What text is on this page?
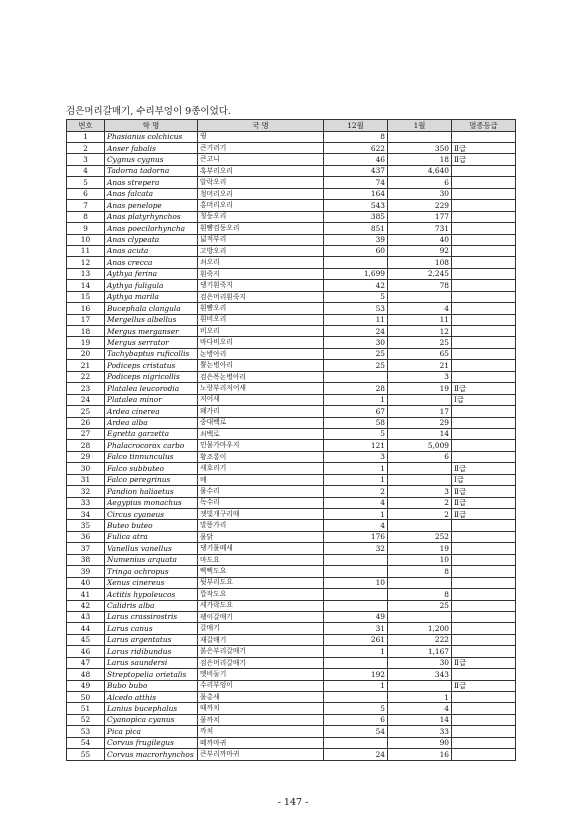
검은머리갈매기, 수리부엉이 9종이었다.
번호	학 명	국 명	12월	1월	멸종등급
1	Phasianus colchicus	꿩	8		
2	Anser fabalis	큰기러기	622	350	Ⅱ급
3	Cygnus cygnus	큰고니	46	18	Ⅱ급
4	Tadorna tadorna	혹부리오리	437	4,640	
5	Anas strepera	알락오리	74	6	
6	Anas falcata	청머리오리	164	30	
7	Anas penelope	홍머리오리	543	229	
8	Anas platyrhynchos	청둥오리	385	177	
9	Anas poecilorhyncha	흰뺨검둥오리	851	731	
10	Anas clypeata	넓적부리	39	40	
11	Anas acuta	고방오리	60	92	
12	Anas crecca	쇠오리		108	
13	Aythya ferina	흰죽지	1,699	2,245	
14	Aythya fuligula	댕기흰죽지	42	78	
15	Aythya marila	검은머리흰죽지	5		
16	Bucephala clangula	흰뺨오리	53	4	
17	Mergellus albellus	흰비오리	11	11	
18	Mergus merganser	비오리	24	12	
19	Mergus serrator	바다비오리	30	25	
20	Tachybaptus ruficollis	논병아리	25	65	
21	Podiceps cristatus	뿔논병아리	25	21	
22	Podiceps nigricollis	검은목논병아리		3	
23	Platalea leucorodia	노랑부리저어새	28	19	Ⅱ급
24	Platalea minor	저어새	1		Ⅰ급
25	Ardea cinerea	왜가리	67	17	
26	Ardea alba	중대백로	58	29	
27	Egretta garzetta	쇠백로	5	14	
28	Phalacrocorax carbo	민물가마우지	121	5,009	
29	Falco tinnunculus	황조롱이	3	6	
30	Falco subbuteo	새호리기	1		Ⅱ급
31	Falco peregrinus	매	1		Ⅰ급
32	Pandion haliaetus	물수리	2	3	Ⅱ급
33	Aegypius monachus	독수리	4	2	Ⅱ급
34	Circus cyaneus	잿빛개구리매	1	2	Ⅱ급
35	Buteo buteo	말똥가리	4		
36	Fulica atra	물닭	176	252	
37	Vanellus vanellus	댕기물떼새	32	19	
38	Numenius arquata	마도요		10	
39	Tringa ochropus	삑삑도요		8	
40	Xenus cinereus	뒷부리도요	10		
41	Actitis hypoleucos	깝작도요		8	
42	Calidris alba	세가락도요		25	
43	Larus crassirostris	괭이갈매기	49		
44	Larus canus	갈매기	31	1,200	
45	Larus argentatus	재갈매기	261	222	
46	Larus ridibundus	붉은부리갈매기	1	1,167	
47	Larus saundersi	검은머리갈매기		30	Ⅱ급
48	Streptopelia orietalis	멧비둘기	192	343	
49	Bubo bubo	수리부엉이	1		Ⅱ급
50	Alcedo atthis	물총새		1	
51	Lanius bucephalus	때까치	5	4	
52	Cyanopica cyanus	물까치	6	14	
53	Pica pica	까치	54	33	
54	Corvus frugilegus	떼까마귀		90	
55	Corvus macrorhynchos	큰부리까마귀	24	16	
- 147 -
